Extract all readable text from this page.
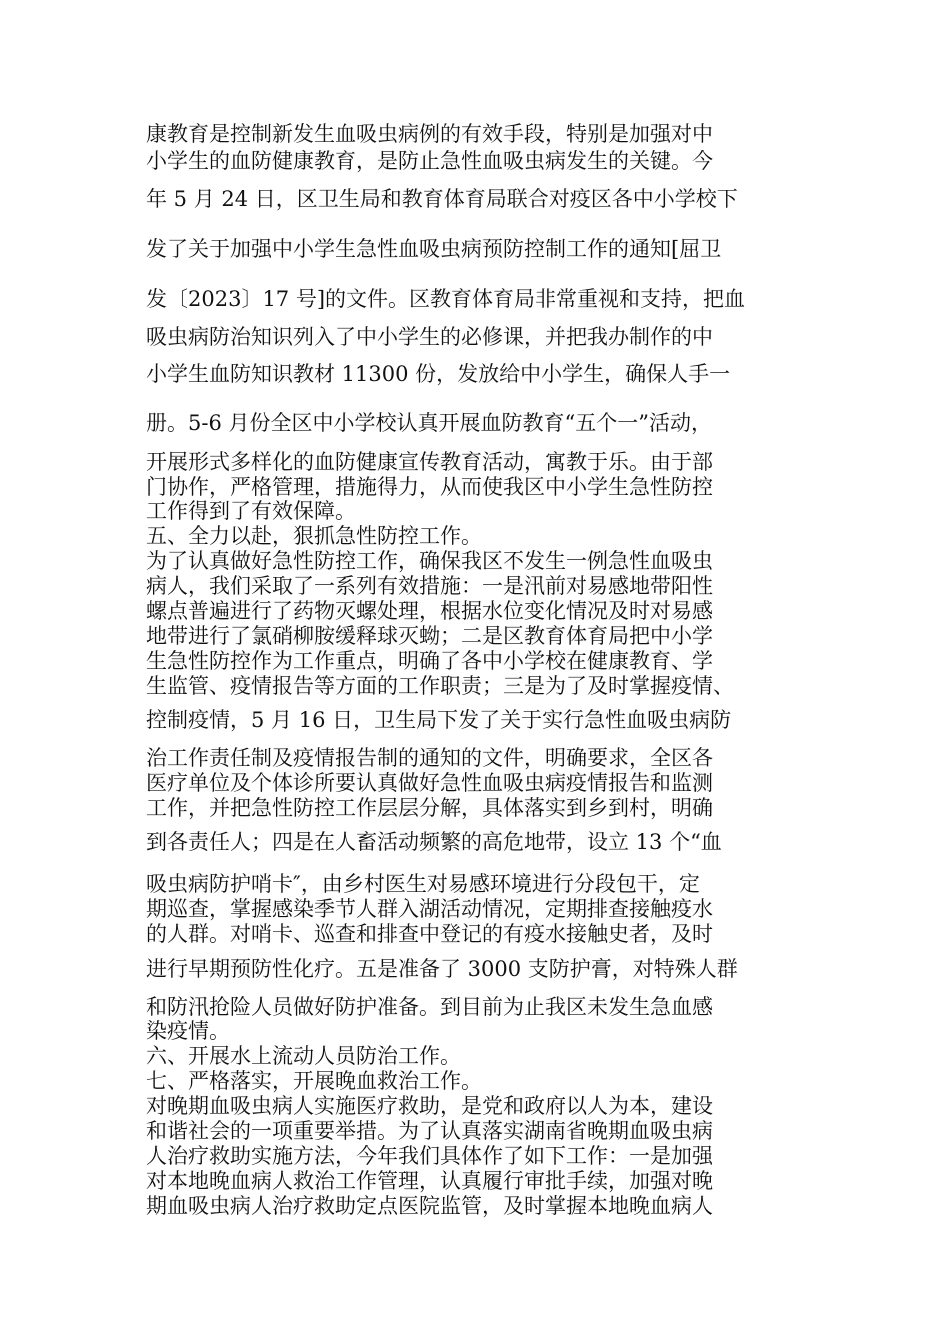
康教育是控制新发生血吸虫病例的有效手段，特别是加强对中
小学生的血防健康教育，是防止急性血吸虫病发生的关键。今
年 5 月 24 日，区卫生局和教育体育局联合对疫区各中小学校下
发了关于加强中小学生急性血吸虫病预防控制工作的通知[屈卫
发〔2023〕17 号]的文件。区教育体育局非常重视和支持，把血
吸虫病防治知识列入了中小学生的必修课，并把我办制作的中
小学生血防知识教材 11300 份，发放给中小学生，确保人手一
册。5-6 月份全区中小学校认真开展血防教育“五个一”活动，
开展形式多样化的血防健康宣传教育活动，寓教于乐。由于部
门协作，严格管理，措施得力，从而使我区中小学生急性防控
工作得到了有效保障。
五、全力以赴，狠抓急性防控工作。
为了认真做好急性防控工作，确保我区不发生一例急性血吸虫
病人，我们采取了一系列有效措施：一是汛前对易感地带阳性
螺点普遍进行了药物灭螺处理，根据水位变化情况及时对易感
地带进行了氯硝柳胺缓释球灭蚴；二是区教育体育局把中小学
生急性防控作为工作重点，明确了各中小学校在健康教育、学
生监管、疫情报告等方面的工作职责；三是为了及时掌握疫情、
控制疫情，5 月 16 日，卫生局下发了关于实行急性血吸虫病防
治工作责任制及疫情报告制的通知的文件，明确要求，全区各
医疗单位及个体诊所要认真做好急性血吸虫病疫情报告和监测
工作，并把急性防控工作层层分解，具体落实到乡到村，明确
到各责任人；四是在人畜活动频繁的高危地带，设立 13 个“血
吸虫病防护哨卡″，由乡村医生对易感环境进行分段包干，定
期巡查，掌握感染季节人群入湖活动情况，定期排查接触疫水
的人群。对哨卡、巡查和排查中登记的有疫水接触史者，及时
进行早期预防性化疗。五是准备了 3000 支防护膏，对特殊人群
和防汛抢险人员做好防护准备。到目前为止我区未发生急血感
染疫情。
六、开展水上流动人员防治工作。
七、严格落实，开展晚血救治工作。
对晚期血吸虫病人实施医疗救助，是党和政府以人为本，建设
和谐社会的一项重要举措。为了认真落实湖南省晚期血吸虫病
人治疗救助实施方法，今年我们具体作了如下工作：一是加强
对本地晚血病人救治工作管理，认真履行审批手续，加强对晚
期血吸虫病人治疗救助定点医院监管，及时掌握本地晚血病人
